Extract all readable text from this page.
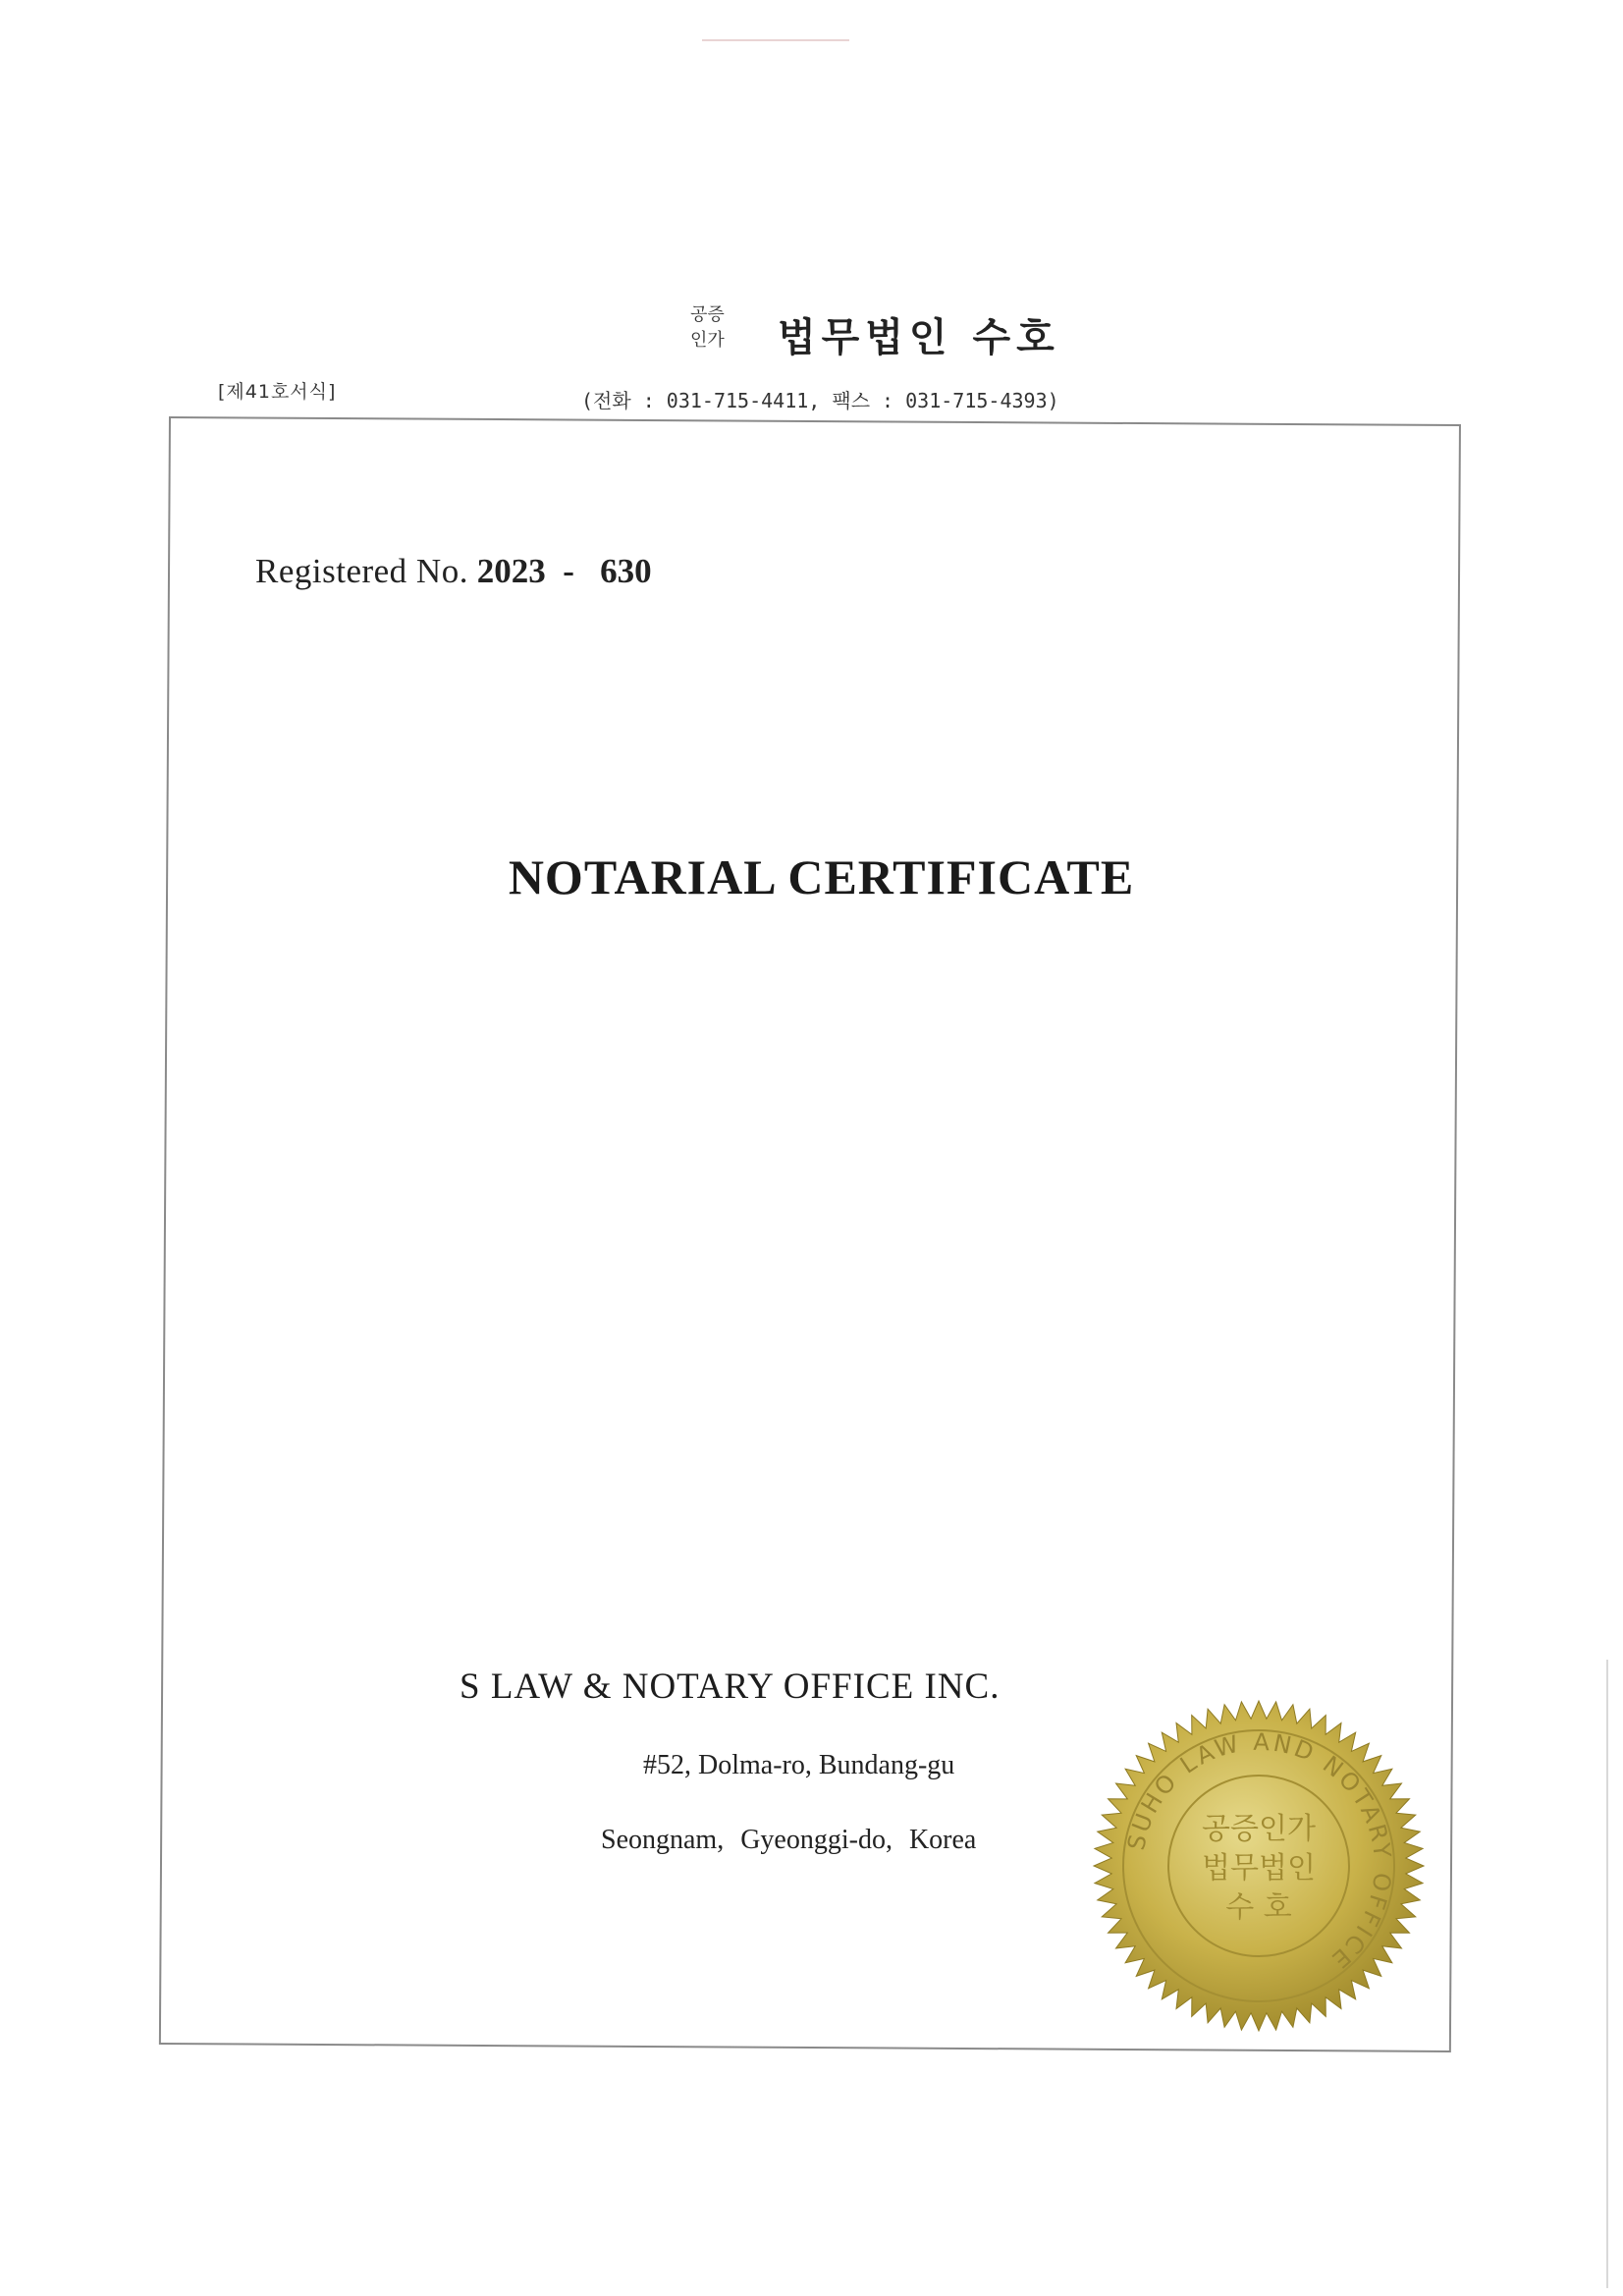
공증
인가 법무법인 수호
[제41호서식]	(전화 : 031-715-4411, 팩스 : 031-715-4393)
Registered No. 2023 - 630
NOTARIAL CERTIFICATE
S LAW & NOTARY OFFICE INC.
#52, Dolma-ro, Bundang-gu
Seongnam, Gyeonggi-do, Korea	SUHO LAW AND NOTARY OFFICE
공증인가
법무법인
수 호
